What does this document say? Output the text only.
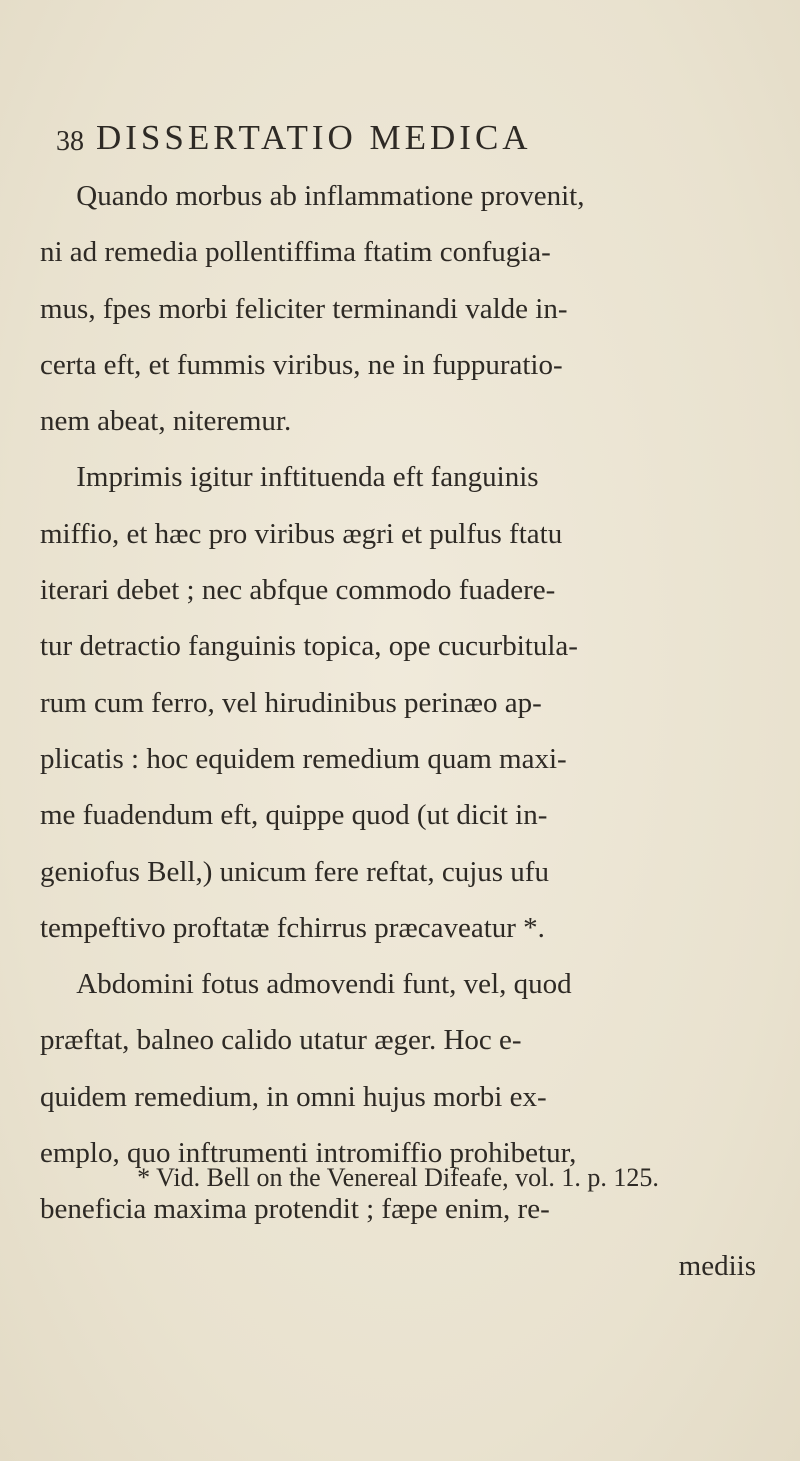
38 DISSERTATIO MEDICA
Quando morbus ab inflammatione provenit,
ni ad remedia pollentiffima ftatim confugia-
mus, fpes morbi feliciter terminandi valde in-
certa eft, et fummis viribus, ne in fuppuratio-
nem abeat, niteremur.
Imprimis igitur inftituenda eft fanguinis
miffio, et hæc pro viribus ægri et pulfus ftatu
iterari debet ; nec abfque commodo fuadere-
tur detractio fanguinis topica, ope cucurbitula-
rum cum ferro, vel hirudinibus perinæo ap-
plicatis : hoc equidem remedium quam maxi-
me fuadendum eft, quippe quod (ut dicit in-
geniofus Bell,) unicum fere reftat, cujus ufu
tempeftivo proftatæ fchirrus præcaveatur *.
Abdomini fotus admovendi funt, vel, quod
præftat, balneo calido utatur æger. Hoc e-
quidem remedium, in omni hujus morbi ex-
emplo, quo inftrumenti intromiffio prohibetur,
beneficia maxima protendit ; fæpe enim, re-
mediis
* Vid. Bell on the Venereal Difeafe, vol. 1. p. 125.
